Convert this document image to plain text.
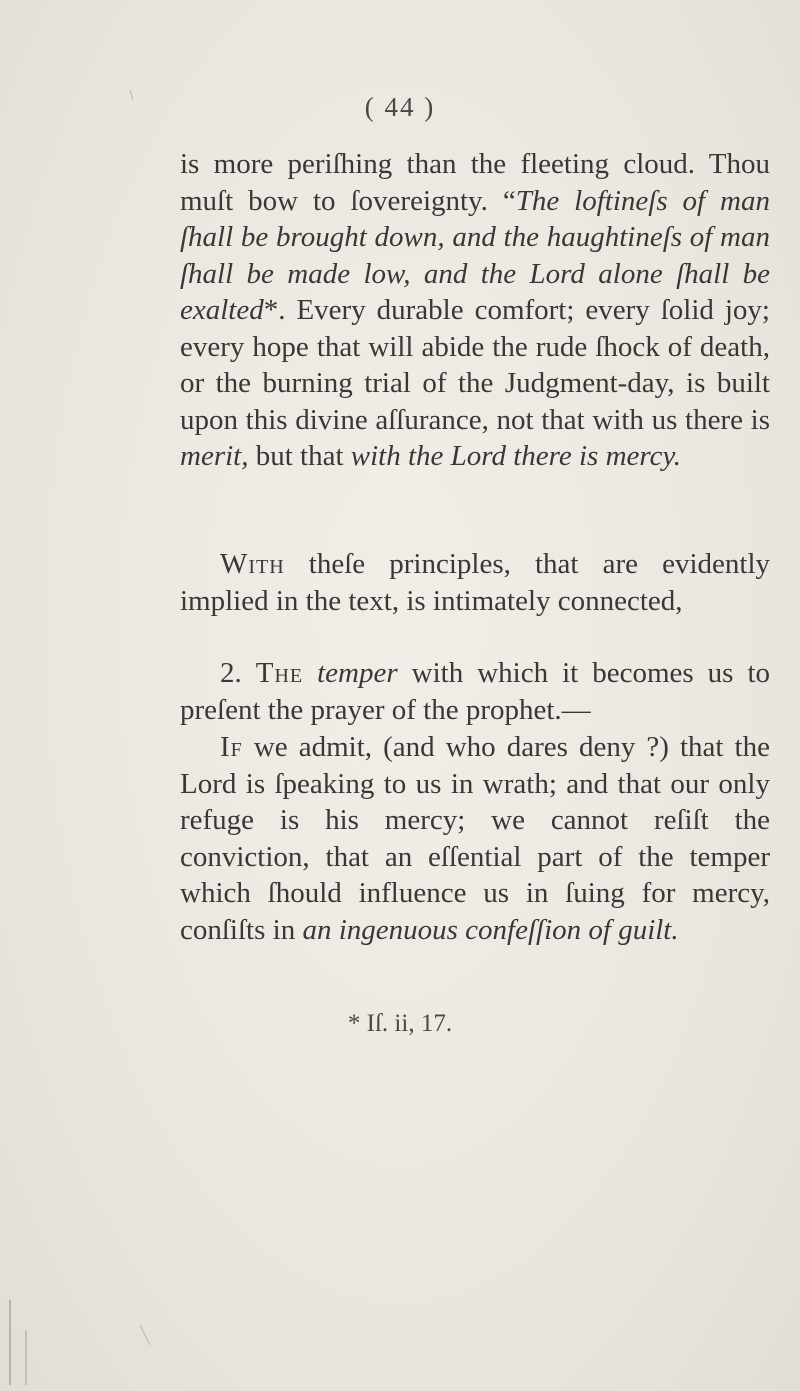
( 44 )

is more periſhing than the fleeting cloud. Thou muſt bow to ſovereignty. “The loftineſs of man ſhall be brought down, and the haughtineſs of man ſhall be made low, and the Lord alone ſhall be exalted*. Every durable comfort; every ſolid joy; every hope that will abide the rude ſhock of death, or the burning trial of the Judgment-day, is built upon this divine aſſurance, not that with us there is merit, but that with the Lord there is mercy.

With theſe principles, that are evidently implied in the text, is intimately connected,

2. The temper with which it becomes us to preſent the prayer of the prophet.—

If we admit, (and who dares deny ?) that the Lord is ſpeaking to us in wrath; and that our only refuge is his mercy; we cannot reſiſt the conviction, that an eſſential part of the temper which ſhould influence us in ſuing for mercy, conſiſts in an ingenuous confeſſion of guilt.

* Iſ. ii, 17.
